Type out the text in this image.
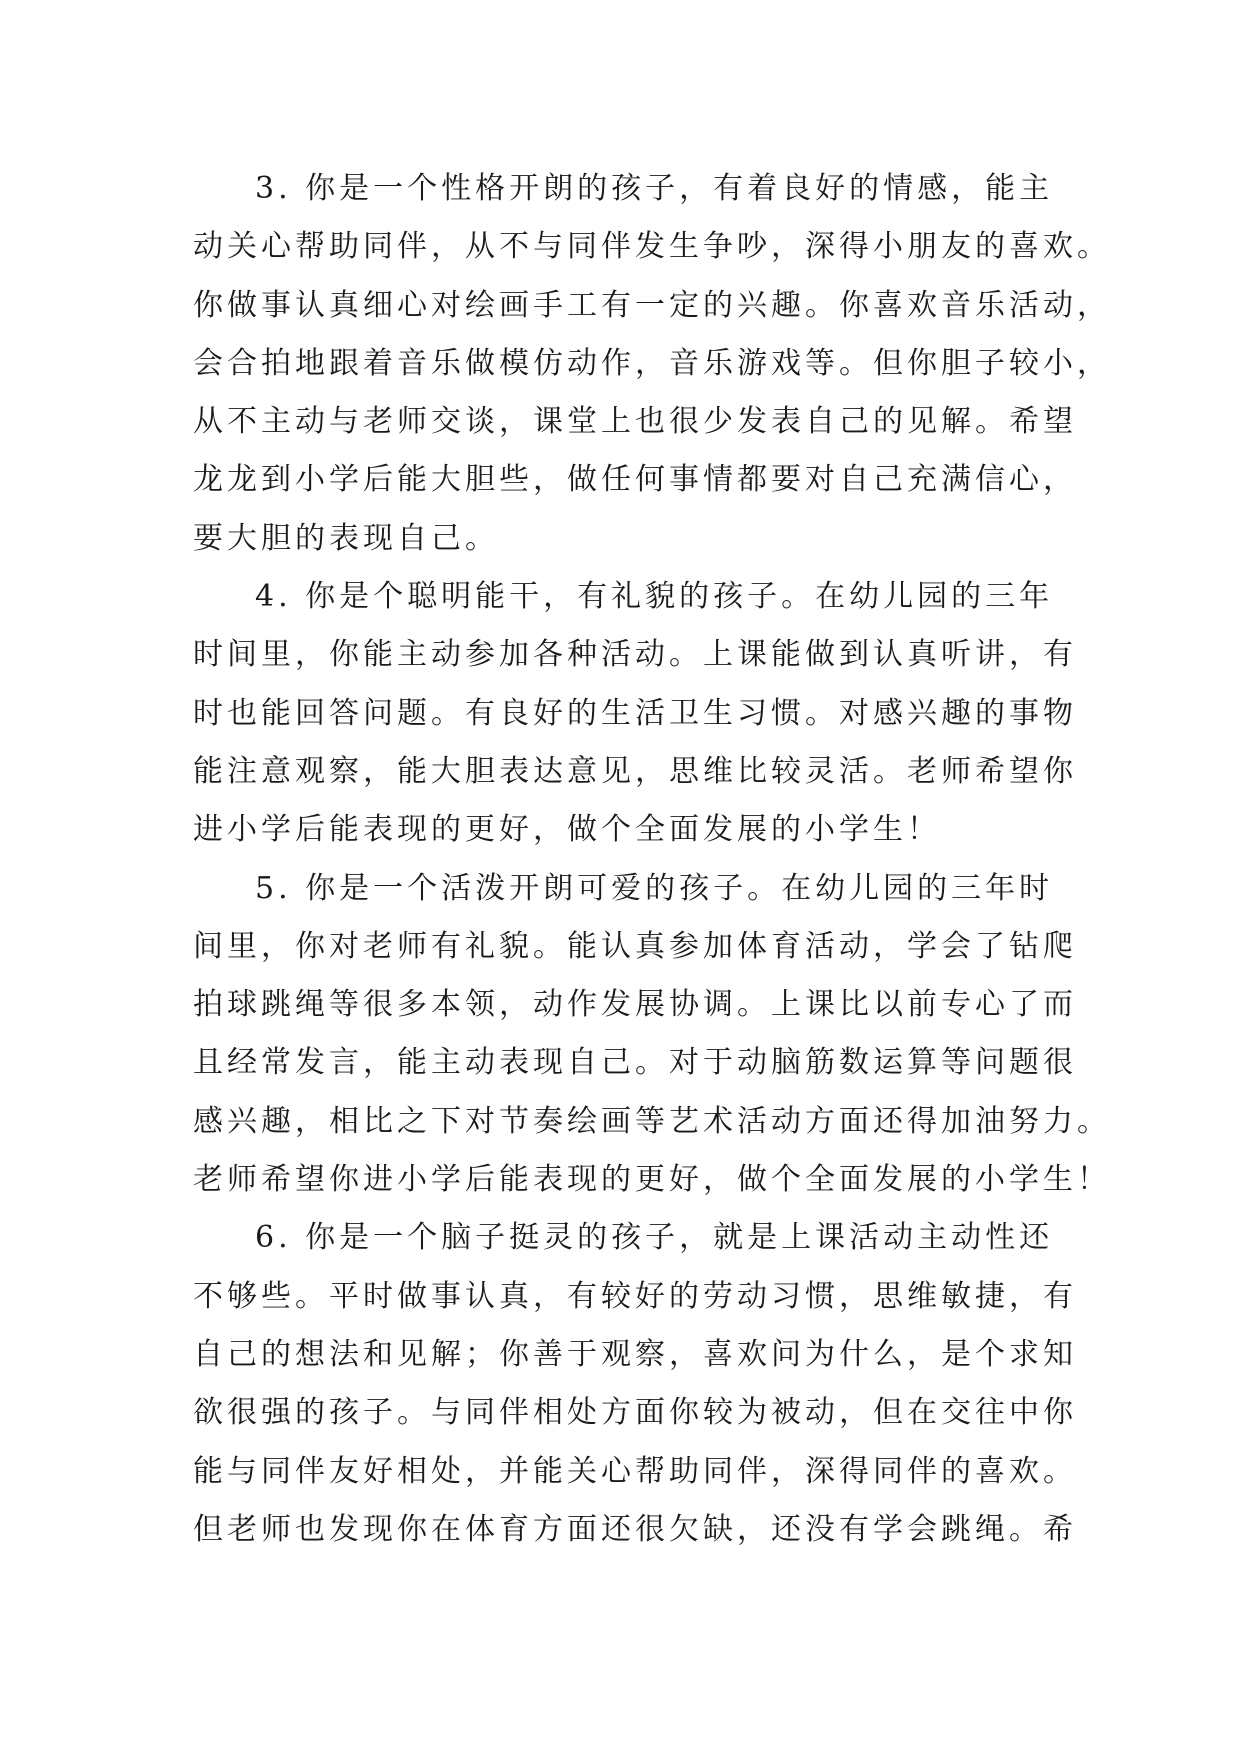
3. 你是一个性格开朗的孩子，有着良好的情感，能主
动关心帮助同伴，从不与同伴发生争吵，深得小朋友的喜欢。
你做事认真细心对绘画手工有一定的兴趣。你喜欢音乐活动，
会合拍地跟着音乐做模仿动作，音乐游戏等。但你胆子较小，
从不主动与老师交谈，课堂上也很少发表自己的见解。希望
龙龙到小学后能大胆些，做任何事情都要对自己充满信心，
要大胆的表现自己。
4. 你是个聪明能干，有礼貌的孩子。在幼儿园的三年
时间里，你能主动参加各种活动。上课能做到认真听讲，有
时也能回答问题。有良好的生活卫生习惯。对感兴趣的事物
能注意观察，能大胆表达意见，思维比较灵活。老师希望你
进小学后能表现的更好，做个全面发展的小学生！
5. 你是一个活泼开朗可爱的孩子。在幼儿园的三年时
间里，你对老师有礼貌。能认真参加体育活动，学会了钻爬
拍球跳绳等很多本领，动作发展协调。上课比以前专心了而
且经常发言，能主动表现自己。对于动脑筋数运算等问题很
感兴趣，相比之下对节奏绘画等艺术活动方面还得加油努力。
老师希望你进小学后能表现的更好，做个全面发展的小学生！
6. 你是一个脑子挺灵的孩子，就是上课活动主动性还
不够些。平时做事认真，有较好的劳动习惯，思维敏捷，有
自己的想法和见解；你善于观察，喜欢问为什么，是个求知
欲很强的孩子。与同伴相处方面你较为被动，但在交往中你
能与同伴友好相处，并能关心帮助同伴，深得同伴的喜欢。
但老师也发现你在体育方面还很欠缺，还没有学会跳绳。希
